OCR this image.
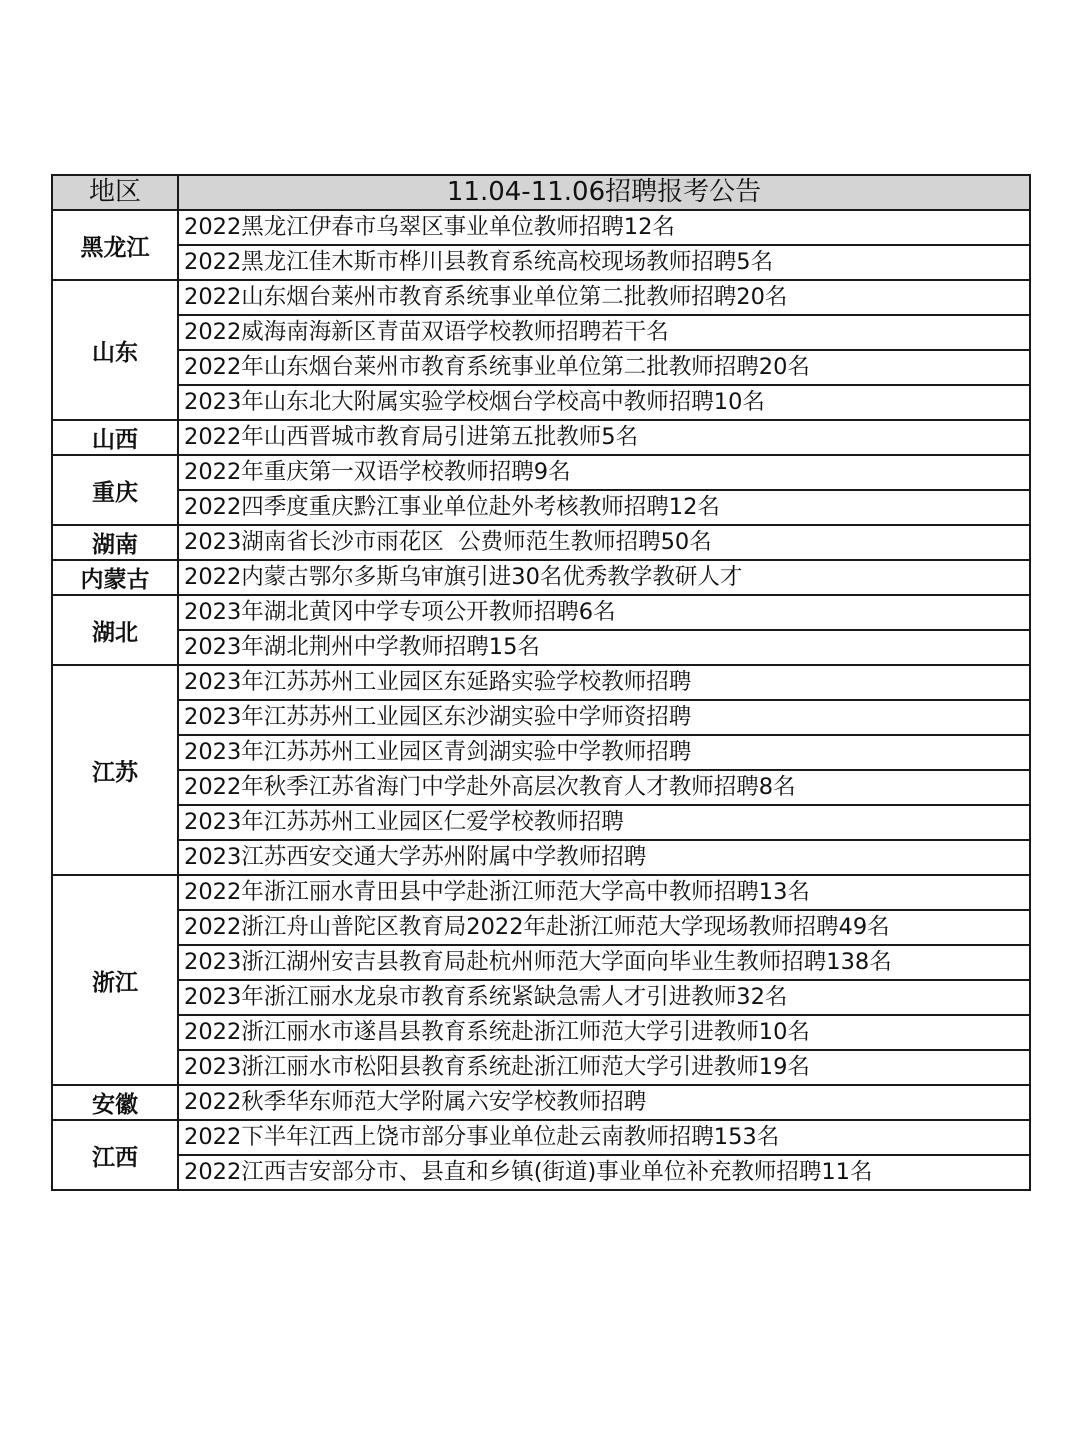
地区	11.04-11.06招聘报考公告
黑龙江	2022黑龙江伊春市乌翠区事业单位教师招聘12名
	2022黑龙江佳木斯市桦川县教育系统高校现场教师招聘5名
山东	2022山东烟台莱州市教育系统事业单位第二批教师招聘20名
	2022威海南海新区青苗双语学校教师招聘若干名
	2022年山东烟台莱州市教育系统事业单位第二批教师招聘20名
	2023年山东北大附属实验学校烟台学校高中教师招聘10名
山西	2022年山西晋城市教育局引进第五批教师5名
重庆	2022年重庆第一双语学校教师招聘9名
	2022四季度重庆黔江事业单位赴外考核教师招聘12名
湖南	2023湖南省长沙市雨花区  公费师范生教师招聘50名
内蒙古	2022内蒙古鄂尔多斯乌审旗引进30名优秀教学教研人才
湖北	2023年湖北黄冈中学专项公开教师招聘6名
	2023年湖北荆州中学教师招聘15名
江苏	2023年江苏苏州工业园区东延路实验学校教师招聘
	2023年江苏苏州工业园区东沙湖实验中学师资招聘
	2023年江苏苏州工业园区青剑湖实验中学教师招聘
	2022年秋季江苏省海门中学赴外高层次教育人才教师招聘8名
	2023年江苏苏州工业园区仁爱学校教师招聘
	2023江苏西安交通大学苏州附属中学教师招聘
浙江	2022年浙江丽水青田县中学赴浙江师范大学高中教师招聘13名
	2022浙江舟山普陀区教育局2022年赴浙江师范大学现场教师招聘49名
	2023浙江湖州安吉县教育局赴杭州师范大学面向毕业生教师招聘138名
	2023年浙江丽水龙泉市教育系统紧缺急需人才引进教师32名
	2022浙江丽水市遂昌县教育系统赴浙江师范大学引进教师10名
	2023浙江丽水市松阳县教育系统赴浙江师范大学引进教师19名
安徽	2022秋季华东师范大学附属六安学校教师招聘
江西	2022下半年江西上饶市部分事业单位赴云南教师招聘153名
	2022江西吉安部分市、县直和乡镇(街道)事业单位补充教师招聘11名
